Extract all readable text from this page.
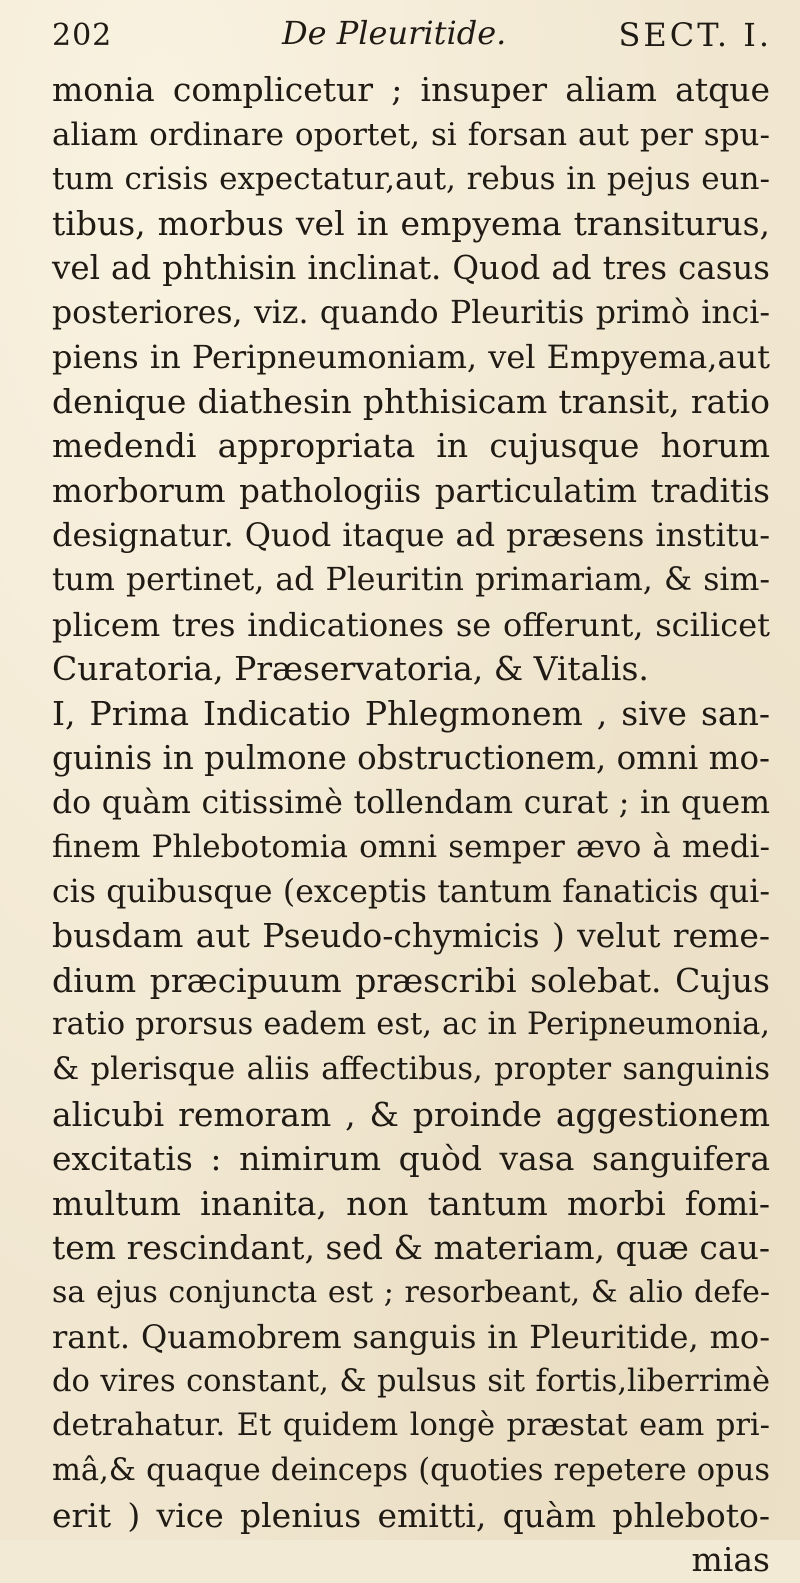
202	De Pleuritide.	SECT. I.
monia complicetur ; insuper aliam atque
aliam ordinare oportet, si forsan aut per spu-
tum crisis expectatur,aut, rebus in pejus eun-
tibus, morbus vel in empyema transiturus,
vel ad phthisin inclinat. Quod ad tres casus
posteriores, viz. quando Pleuritis primò inci-
piens in Peripneumoniam, vel Empyema,aut
denique diathesin phthisicam transit, ratio
medendi appropriata in cujusque horum
morborum pathologiis particulatim traditis
designatur. Quod itaque ad præsens institu-
tum pertinet, ad Pleuritin primariam, & sim-
plicem tres indicationes se offerunt, scilicet
Curatoria, Præservatoria, & Vitalis.
I, Prima Indicatio Phlegmonem , sive san-
guinis in pulmone obstructionem, omni mo-
do quàm citissimè tollendam curat ; in quem
finem Phlebotomia omni semper ævo à medi-
cis quibusque (exceptis tantum fanaticis qui-
busdam aut Pseudo-chymicis ) velut reme-
dium præcipuum præscribi solebat. Cujus
ratio prorsus eadem est, ac in Peripneumonia,
& plerisque aliis affectibus, propter sanguinis
alicubi remoram , & proinde aggestionem
excitatis : nimirum quòd vasa sanguifera
multum inanita, non tantum morbi fomi-
tem rescindant, sed & materiam, quæ cau-
sa ejus conjuncta est ; resorbeant, & alio defe-
rant. Quamobrem sanguis in Pleuritide, mo-
do vires constant, & pulsus sit fortis,liberrimè
detrahatur. Et quidem longè præstat eam pri-
mâ,& quaque deinceps (quoties repetere opus
erit ) vice plenius emitti, quàm phleboto-
mias
